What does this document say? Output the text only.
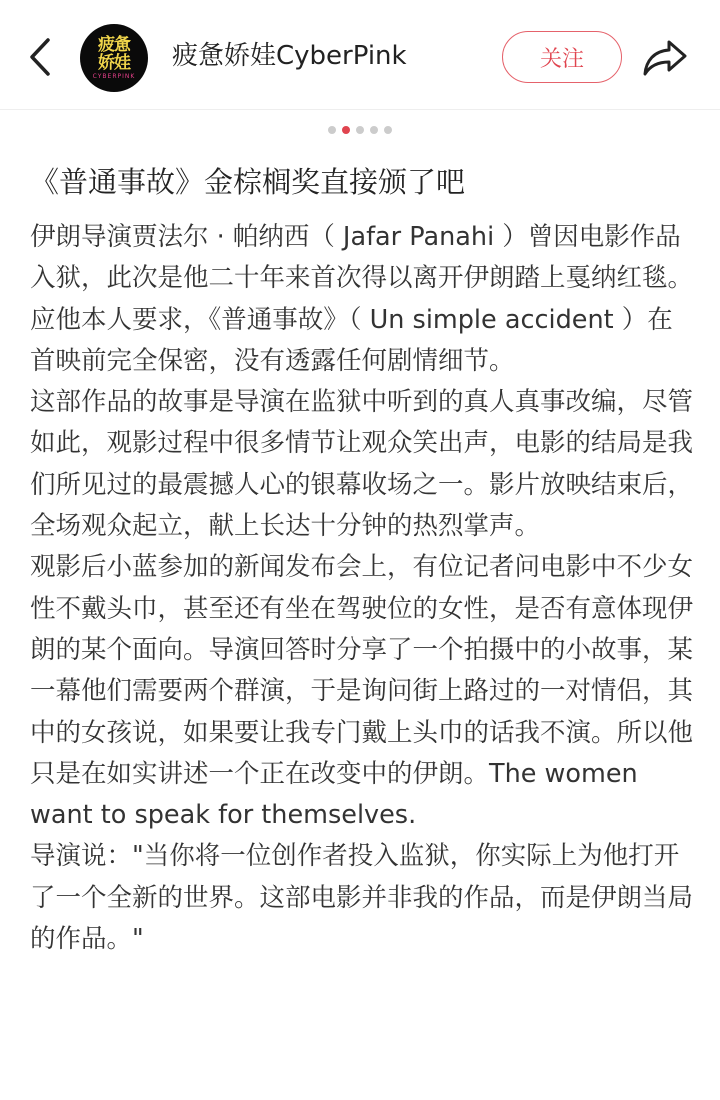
疲惫
娇娃
CYBERPINK
疲惫娇娃CyberPink	关注
《普通事故》金棕榈奖直接颁了吧

伊朗导演贾法尔 · 帕纳西（ Jafar Panahi ）曾因电影作品入狱，此次是他二十年来首次得以离开伊朗踏上戛纳红毯。应他本人要求，《普通事故》（ Un simple accident ）在首映前完全保密，没有透露任何剧情细节。

这部作品的故事是导演在监狱中听到的真人真事改编，尽管如此，观影过程中很多情节让观众笑出声，电影的结局是我们所见过的最震撼人心的银幕收场之一。影片放映结束后，全场观众起立，献上长达十分钟的热烈掌声。

观影后小蓝参加的新闻发布会上，有位记者问电影中不少女性不戴头巾，甚至还有坐在驾驶位的女性，是否有意体现伊朗的某个面向。导演回答时分享了一个拍摄中的小故事，某一幕他们需要两个群演，于是询问街上路过的一对情侣，其中的女孩说，如果要让我专门戴上头巾的话我不演。所以他只是在如实讲述一个正在改变中的伊朗。The women want to speak for themselves.

导演说："当你将一位创作者投入监狱，你实际上为他打开了一个全新的世界。这部电影并非我的作品，而是伊朗当局的作品。"
